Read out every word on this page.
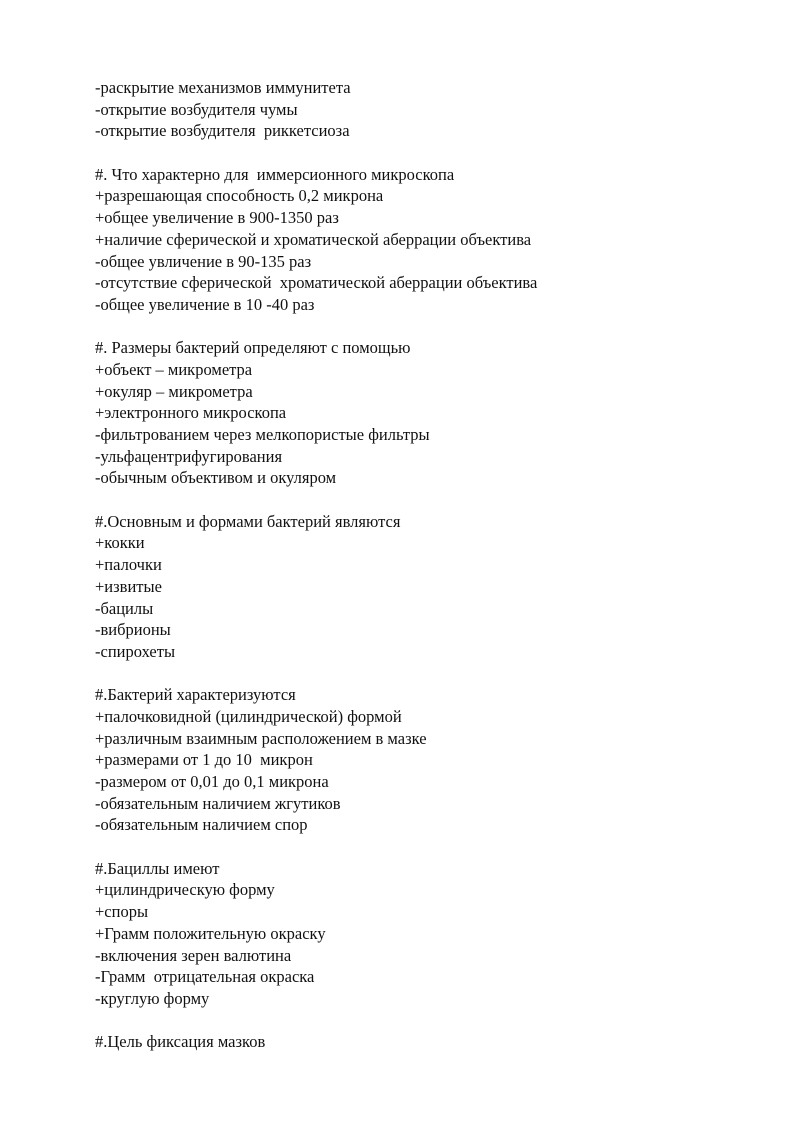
-раскрытие механизмов иммунитета
-открытие возбудителя чумы
-открытие возбудителя  риккетсиоза
#. Что характерно для  иммерсионного микроскопа
+разрешающая способность 0,2 микрона
+общее увеличение в 900-1350 раз
+наличие сферической и хроматической аберрации объектива
-общее увличение в 90-135 раз
-отсутствие сферической  хроматической аберрации объектива
-общее увеличение в 10 -40 раз
#. Размеры бактерий определяют с помощью
+объект – микрометра
+окуляр – микрометра
+электронного микроскопа
-фильтрованием через мелкопористые фильтры
-ульфацентрифугирования
-обычным объективом и окуляром
#.Основным и формами бактерий являются
+кокки
+палочки
+извитые
-бацилы
-вибрионы
-спирохеты
#.Бактерий характеризуются
+палочковидной (цилиндрической) формой
+различным взаимным расположением в мазке
+размерами от 1 до 10  микрон
-размером от 0,01 до 0,1 микрона
-обязательным наличием жгутиков
-обязательным наличием спор
#.Бациллы имеют
+цилиндрическую форму
+споры
+Грамм положительную окраску
-включения зерен валютина
-Грамм  отрицательная окраска
-круглую форму
#.Цель фиксация мазков
